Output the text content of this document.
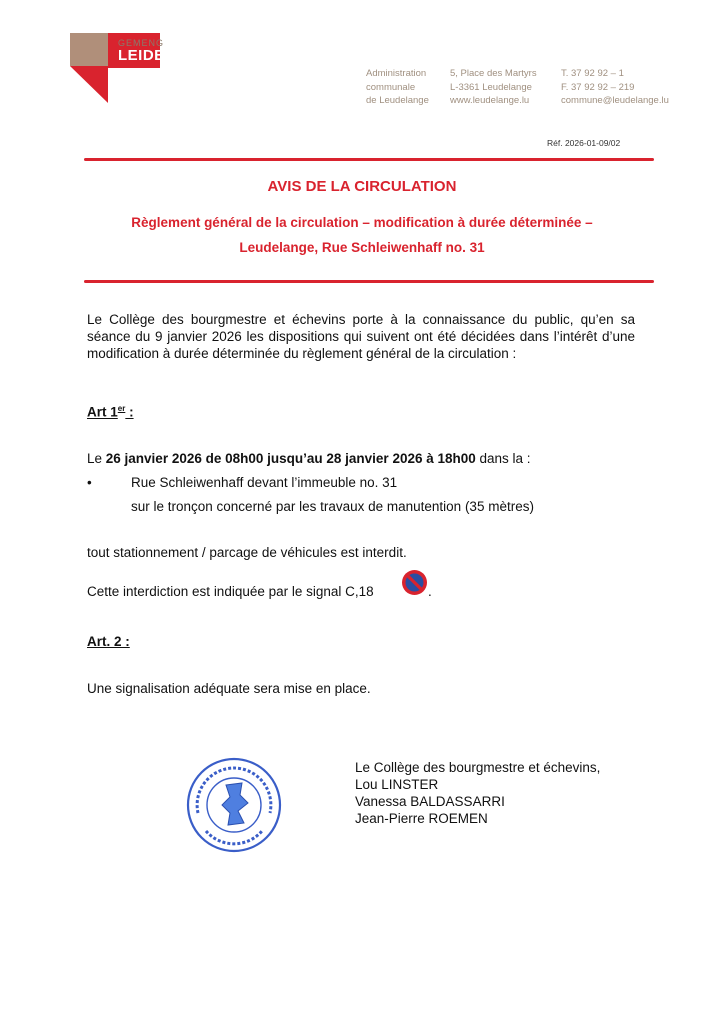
GEMENG
LEIDELENG
Administration
communale
de Leudelange
5, Place des Martyrs
L-3361 Leudelange
www.leudelange.lu
T. 37 92 92 – 1
F. 37 92 92 – 219
commune@leudelange.lu
Réf. 2026-01-09/02
AVIS DE LA CIRCULATION
Règlement général de la circulation – modification à durée déterminée –
Leudelange, Rue Schleiwenhaff no. 31
Le Collège des bourgmestre et échevins porte à la connaissance du public, qu’en sa séance du 9 janvier 2026 les dispositions qui suivent ont été décidées dans l’intérêt d’une modification à durée déterminée du règlement général de la circulation :
Art 1er :
Le 26 janvier 2026 de 08h00 jusqu’au 28 janvier 2026 à 18h00 dans la :
•	Rue Schleiwenhaff devant l’immeuble no. 31
sur le tronçon concerné par les travaux de manutention (35 mètres)
tout stationnement / parcage de véhicules est interdit.
Cette interdiction est indiquée par le signal C,18	.
Art. 2 :
Une signalisation adéquate sera mise en place.
Le Collège des bourgmestre et échevins,
Lou LINSTER
Vanessa BALDASSARRI
Jean-Pierre ROEMEN
